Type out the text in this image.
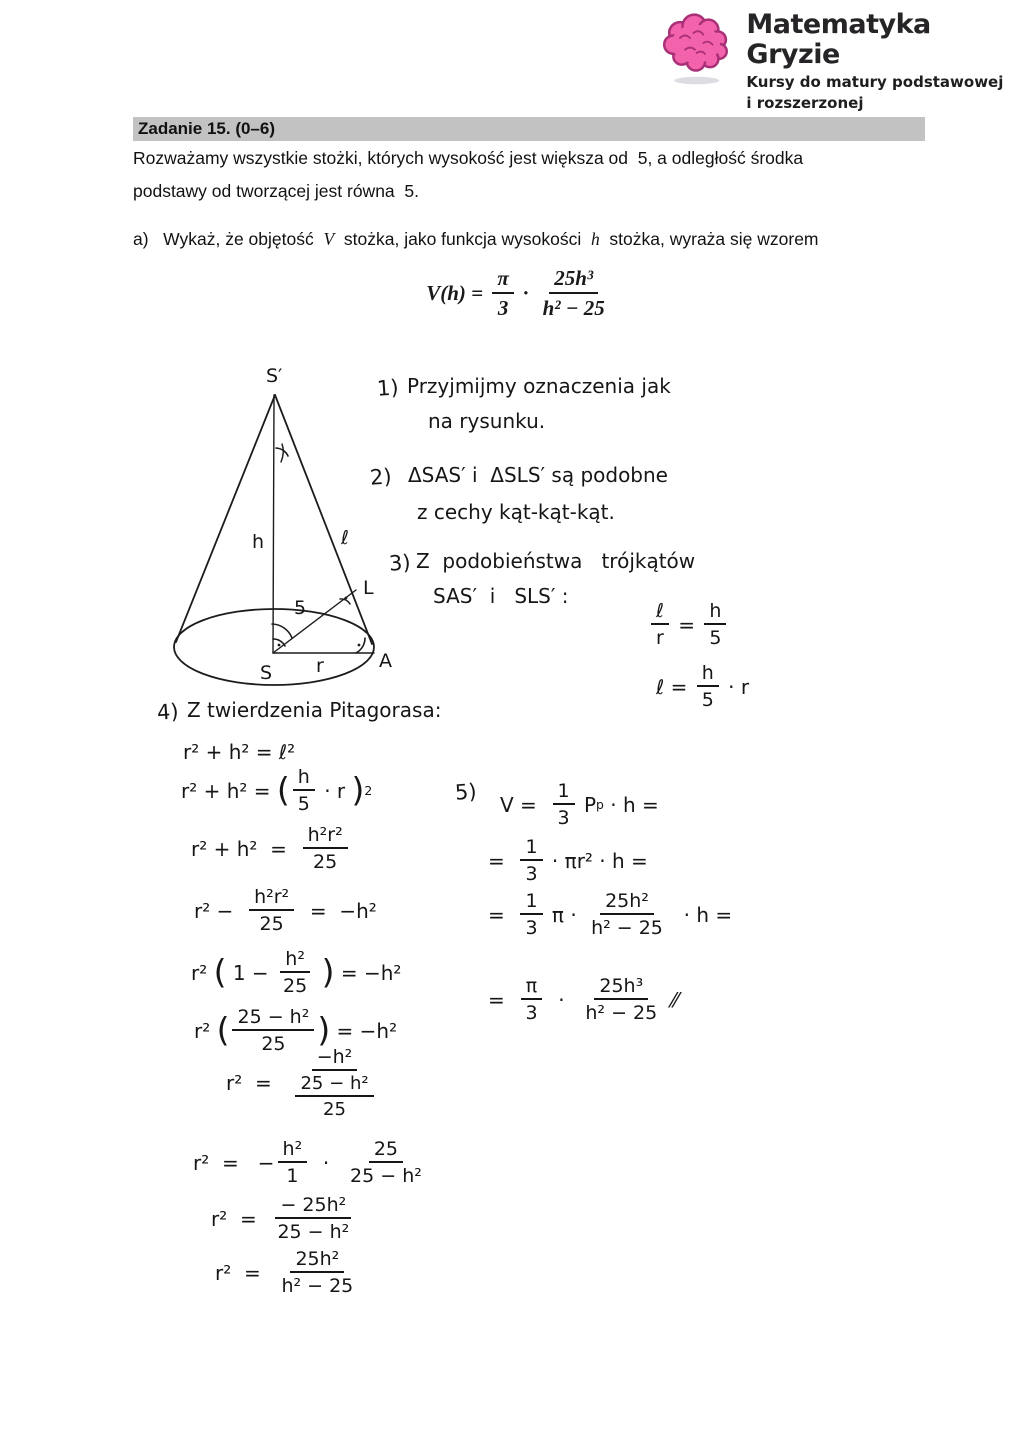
Matematyka Gryzie
Kursy do matury podstawowej
i rozszerzonej
Zadanie 15. (0–6)
Rozważamy wszystkie stożki, których wysokość jest większa od  5, a odległość środka
podstawy od tworzącej jest równa  5.
a)   Wykaż, że objętość  V  stożka, jako funkcja wysokości  h  stożka, wyraża się wzorem
$V(h) = \frac{\pi}{3} \cdot \frac{\text{25h³}}{\text{h² − 25}}$
S′
h	ℓ
5
L
S r	A
1) Przyjmijmy oznaczenia jak
na rysunku.
2) ΔSAS′ i  ΔSLS′ są podobne
z cechy kąt-kąt-kąt.
3) Z  podobieństwa   trójkątów
SAS′  i   SLS′ :
$\frac{\text{ℓ}}{r} = \frac{h}{5}$
ℓ = $\frac{h}{5} \cdot r$
4) Z twierdzenia Pitagorasa:
r² + h² = ℓ²
r² + h² = ( $\frac{h}{5} \cdot r$ ) 2
$r^2 + h^2 = \frac{\text{h²r²}}{25}$
$r^2 - \frac{\text{h²r²}}{25} = -h^2$
r² ( $1 - \frac{\text{h²}}{25}$
) = −h²
r² ( $\frac{\text{25 − h²}}{25}$ ) = −h²
$r^2 = \frac{\text{−h²}}{\frac{\text{25 − h²}}{25}}$
r²  =   − $\frac{\text{h²}}{1} \cdot \frac{25}{\text{25 − h²}}$
$r^2 = \frac{\text{− 25h²}}{\text{25 − h²}}$
$r^2 = \frac{\text{25h²}}{\text{h² − 25}}$
5) $V = \frac{1}{3}$ P p · h =
= $\frac{1}{3} \cdot \pi r^2 \cdot h$ =
= $\frac{1}{3}$ $\pi \cdot \frac{\text{25h²}}{\text{h² − 25}} \cdot h$ =
= $\frac{\pi}{3} \cdot \frac{\text{25h³}}{\text{h² − 25}}$ ⁄⁄
